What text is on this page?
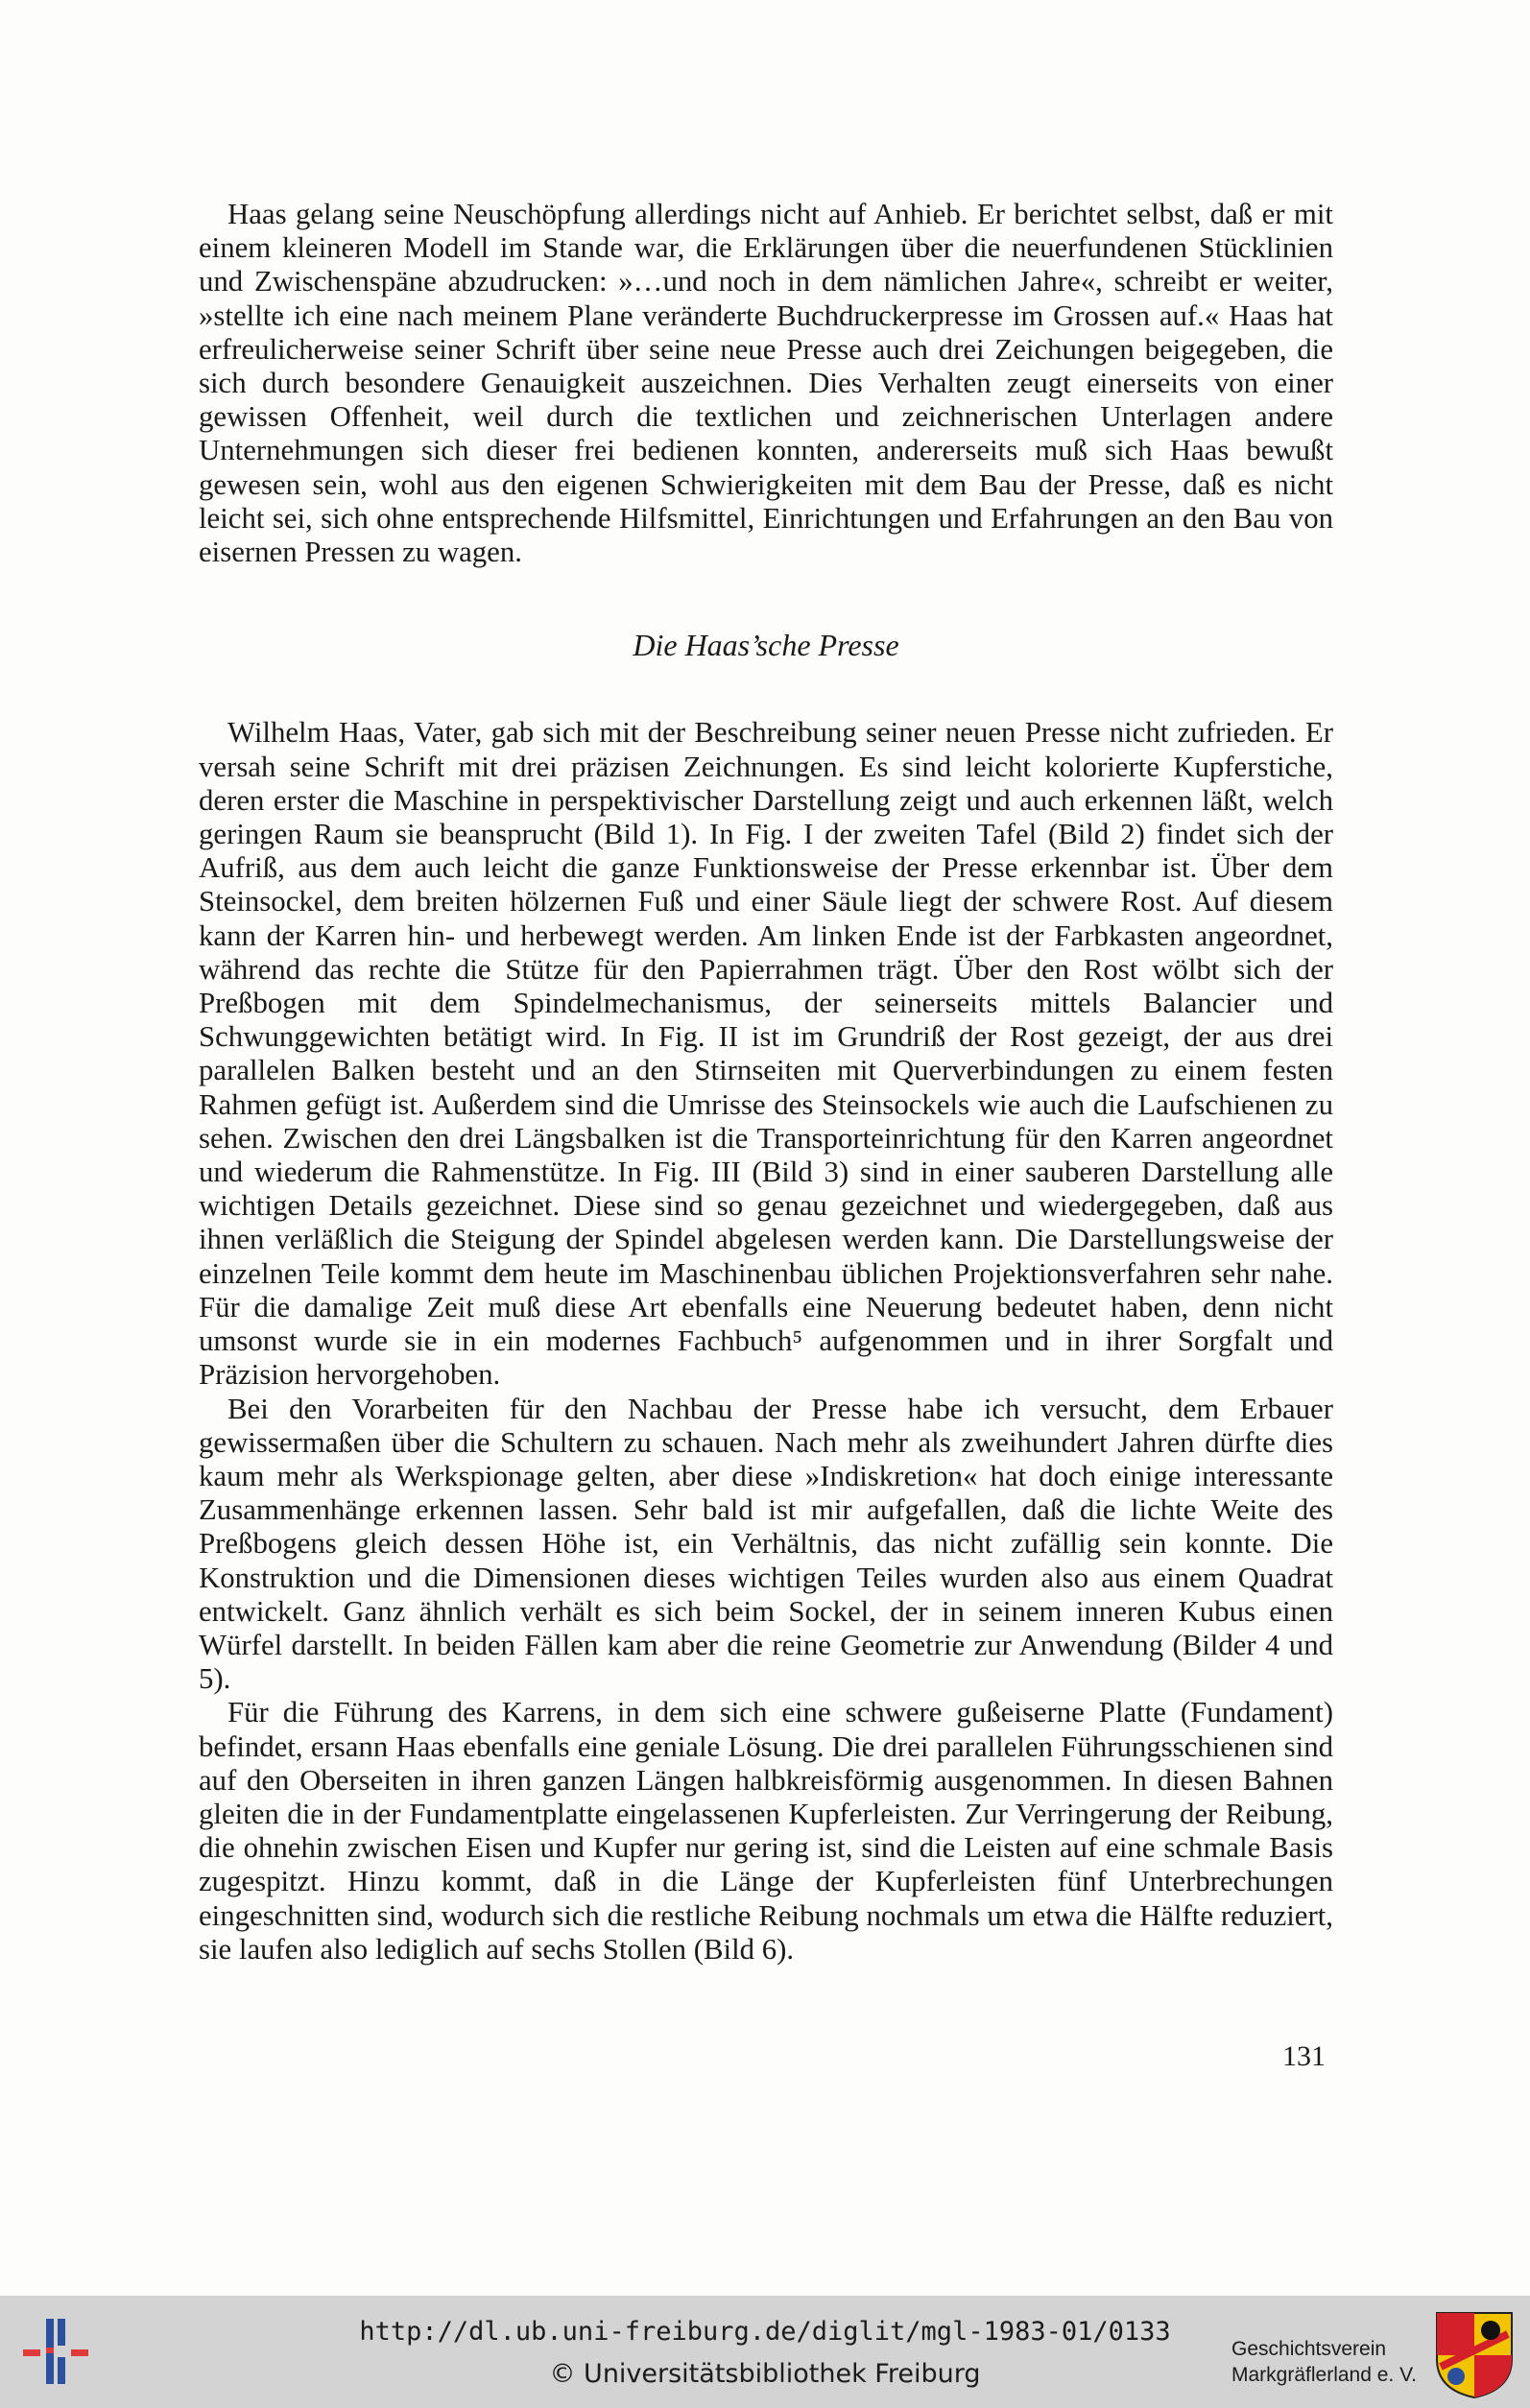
Haas gelang seine Neuschöpfung allerdings nicht auf Anhieb. Er berichtet selbst, daß er mit einem kleineren Modell im Stande war, die Erklärungen über die neuerfundenen Stücklinien und Zwischenspäne abzudrucken: »…und noch in dem nämlichen Jahre«, schreibt er weiter, »stellte ich eine nach meinem Plane veränderte Buchdruckerpresse im Grossen auf.« Haas hat erfreulicherweise seiner Schrift über seine neue Presse auch drei Zeichungen beigegeben, die sich durch besondere Genauigkeit auszeichnen. Dies Verhalten zeugt einerseits von einer gewissen Offenheit, weil durch die textlichen und zeichnerischen Unterlagen andere Unternehmungen sich dieser frei bedienen konnten, andererseits muß sich Haas bewußt gewesen sein, wohl aus den eigenen Schwierigkeiten mit dem Bau der Presse, daß es nicht leicht sei, sich ohne entsprechende Hilfsmittel, Einrichtungen und Erfahrungen an den Bau von eisernen Pressen zu wagen.

Die Haas’sche Presse

Wilhelm Haas, Vater, gab sich mit der Beschreibung seiner neuen Presse nicht zufrieden. Er versah seine Schrift mit drei präzisen Zeichnungen. Es sind leicht kolorierte Kupferstiche, deren erster die Maschine in perspektivischer Darstellung zeigt und auch erkennen läßt, welch geringen Raum sie beansprucht (Bild 1). In Fig. I der zweiten Tafel (Bild 2) findet sich der Aufriß, aus dem auch leicht die ganze Funktionsweise der Presse erkennbar ist. Über dem Steinsockel, dem breiten hölzernen Fuß und einer Säule liegt der schwere Rost. Auf diesem kann der Karren hin- und herbewegt werden. Am linken Ende ist der Farbkasten angeordnet, während das rechte die Stütze für den Papierrahmen trägt. Über den Rost wölbt sich der Preßbogen mit dem Spindelmechanismus, der seinerseits mittels Balancier und Schwunggewichten betätigt wird. In Fig. II ist im Grundriß der Rost gezeigt, der aus drei parallelen Balken besteht und an den Stirnseiten mit Querverbindungen zu einem festen Rahmen gefügt ist. Außerdem sind die Umrisse des Steinsockels wie auch die Laufschienen zu sehen. Zwischen den drei Längsbalken ist die Transporteinrichtung für den Karren angeordnet und wiederum die Rahmenstütze. In Fig. III (Bild 3) sind in einer sauberen Darstellung alle wichtigen Details gezeichnet. Diese sind so genau gezeichnet und wiedergegeben, daß aus ihnen verläßlich die Steigung der Spindel abgelesen werden kann. Die Darstellungsweise der einzelnen Teile kommt dem heute im Maschinenbau üblichen Projektionsverfahren sehr nahe. Für die damalige Zeit muß diese Art ebenfalls eine Neuerung bedeutet haben, denn nicht umsonst wurde sie in ein modernes Fachbuch⁵ aufgenommen und in ihrer Sorgfalt und Präzision hervorgehoben.

Bei den Vorarbeiten für den Nachbau der Presse habe ich versucht, dem Erbauer gewissermaßen über die Schultern zu schauen. Nach mehr als zweihundert Jahren dürfte dies kaum mehr als Werkspionage gelten, aber diese »Indiskretion« hat doch einige interessante Zusammenhänge erkennen lassen. Sehr bald ist mir aufgefallen, daß die lichte Weite des Preßbogens gleich dessen Höhe ist, ein Verhältnis, das nicht zufällig sein konnte. Die Konstruktion und die Dimensionen dieses wichtigen Teiles wurden also aus einem Quadrat entwickelt. Ganz ähnlich verhält es sich beim Sockel, der in seinem inneren Kubus einen Würfel darstellt. In beiden Fällen kam aber die reine Geometrie zur Anwendung (Bilder 4 und 5).

Für die Führung des Karrens, in dem sich eine schwere gußeiserne Platte (Fundament) befindet, ersann Haas ebenfalls eine geniale Lösung. Die drei parallelen Führungsschienen sind auf den Oberseiten in ihren ganzen Längen halbkreisförmig ausgenommen. In diesen Bahnen gleiten die in der Fundamentplatte eingelassenen Kupferleisten. Zur Verringerung der Reibung, die ohnehin zwischen Eisen und Kupfer nur gering ist, sind die Leisten auf eine schmale Basis zugespitzt. Hinzu kommt, daß in die Länge der Kupferleisten fünf Unterbrechungen eingeschnitten sind, wodurch sich die restliche Reibung nochmals um etwa die Hälfte reduziert, sie laufen also lediglich auf sechs Stollen (Bild 6).

131
http://dl.ub.uni-freiburg.de/diglit/mgl-1983-01/0133
© Universitätsbibliothek Freiburg
Geschichtsverein
Markgräflerland e. V.
